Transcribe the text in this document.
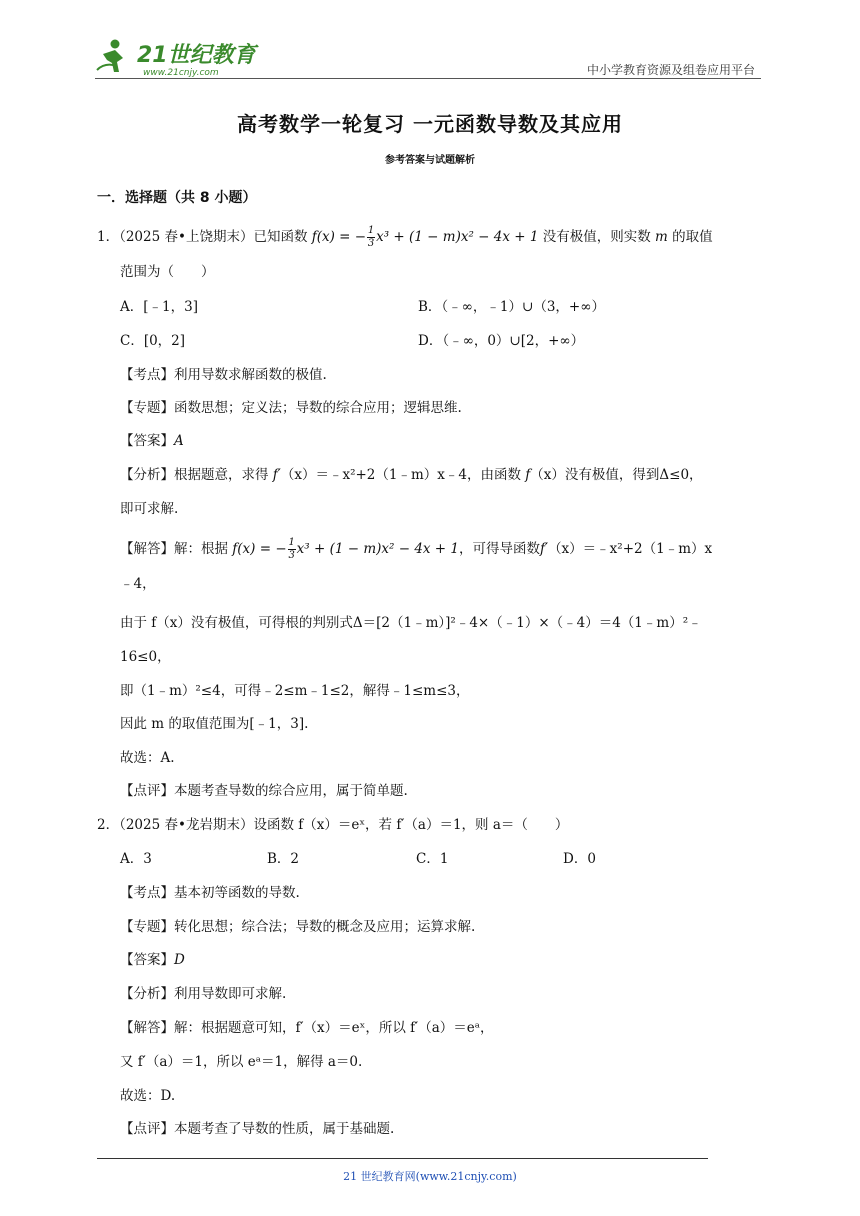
21世纪教育
www.21cnjy.com	中小学教育资源及组卷应用平台
高考数学一轮复习 一元函数导数及其应用
参考答案与试题解析
一．选择题（共 8 小题）
1．（2025 春•上饶期末）已知函数 f(x) = − $\frac{1}{3} x^3 + (1 - m)x^2 - 4x + 1$ 没有极值，则实数 m 的取值
范围为（　　）
A．[﹣1，3]	B．（﹣∞，﹣1）∪（3，+∞）
C．[0，2]	D．（﹣∞，0）∪[2，+∞）
【考点】利用导数求解函数的极值.
【专题】函数思想；定义法；导数的综合应用；逻辑思维.
【答案】A
【分析】根据题意，求得 f′（x）＝﹣x²+2（1﹣m）x﹣4，由函数 f（x）没有极值，得到Δ≤0，
即可求解.
【解答】解：根据 f(x) = − $\frac{1}{3} x^3 + (1 - m)x^2 - 4x + 1$，可得导函数f′（x）＝﹣x²+2（1﹣m）x
﹣4，
由于 f（x）没有极值，可得根的判别式Δ＝[2（1﹣m）]²﹣4×（﹣1）×（﹣4）＝4（1﹣m）²﹣
16≤0，
即（1﹣m）²≤4，可得﹣2≤m﹣1≤2，解得﹣1≤m≤3，
因此 m 的取值范围为[﹣1，3].
故选：A.
【点评】本题考查导数的综合应用，属于简单题.
2．（2025 春•龙岩期末）设函数 f（x）＝eˣ，若 f′（a）＝1，则 a＝（　　）
A．3	B．2	C．1	D．0
【考点】基本初等函数的导数.
【专题】转化思想；综合法；导数的概念及应用；运算求解.
【答案】D
【分析】利用导数即可求解.
【解答】解：根据题意可知，f′（x）＝eˣ，所以 f′（a）＝eᵃ，
又 f′（a）＝1，所以 eᵃ＝1，解得 a＝0.
故选：D.
【点评】本题考查了导数的性质，属于基础题.
21 世纪教育网(www.21cnjy.com)
